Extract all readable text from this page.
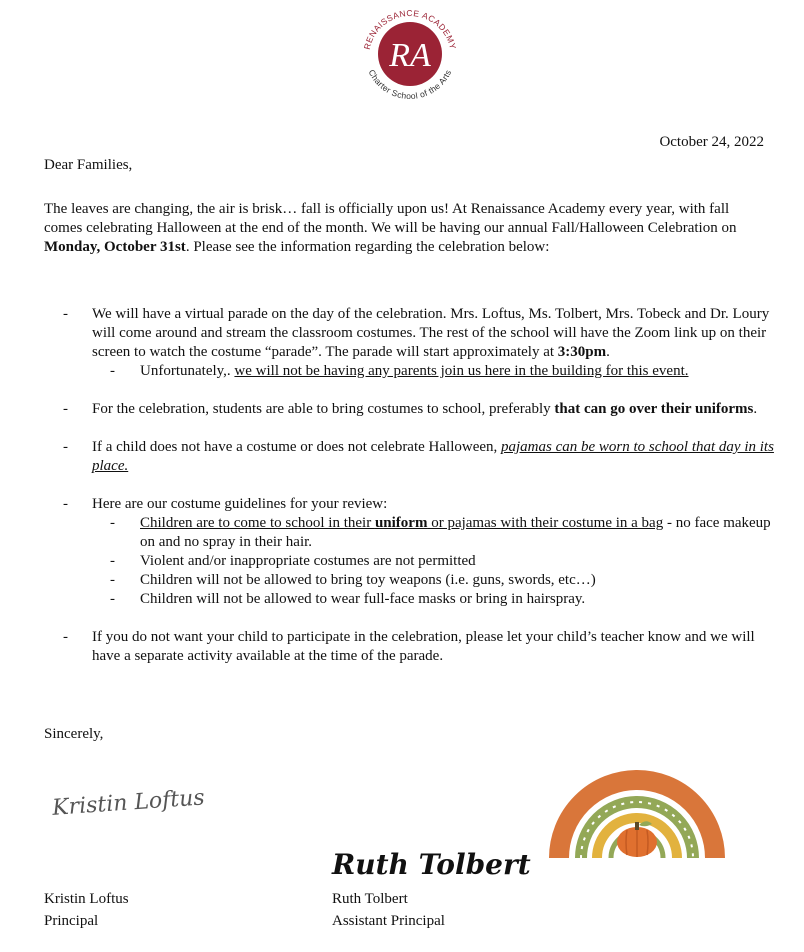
RA
RENAISSANCE ACADEMY
Charter School of the Arts
October 24, 2022
Dear Families,
The leaves are changing, the air is brisk… fall is officially upon us! At Renaissance Academy every year, with fall comes celebrating Halloween at the end of the month. We will be having our annual Fall/Halloween Celebration on Monday, October 31st. Please see the information regarding the celebration below:
- We will have a virtual parade on the day of the celebration. Mrs. Loftus, Ms. Tolbert, Mrs. Tobeck and Dr. Loury will come around and stream the classroom costumes. The rest of the school will have the Zoom link up on their screen to watch the costume “parade”. The parade will start approximately at 3:30pm.
- Unfortunately,. we will not be having any parents join us here in the building for this event.
- For the celebration, students are able to bring costumes to school, preferably that can go over their uniforms.
- If a child does not have a costume or does not celebrate Halloween, pajamas can be worn to school that day in its place.
- Here are our costume guidelines for your review:
- Children are to come to school in their uniform or pajamas with their costume in a bag - no face makeup on and no spray in their hair.
- Violent and/or inappropriate costumes are not permitted
- Children will not be allowed to bring toy weapons (i.e. guns, swords, etc…)
- Children will not be allowed to wear full-face masks or bring in hairspray.
- If you do not want your child to participate in the celebration, please let your child’s teacher know and we will have a separate activity available at the time of the parade.
Sincerely,
Kristin Loftus
Ruth Tolbert
Kristin Loftus	Ruth Tolbert
Principal	Assistant Principal
